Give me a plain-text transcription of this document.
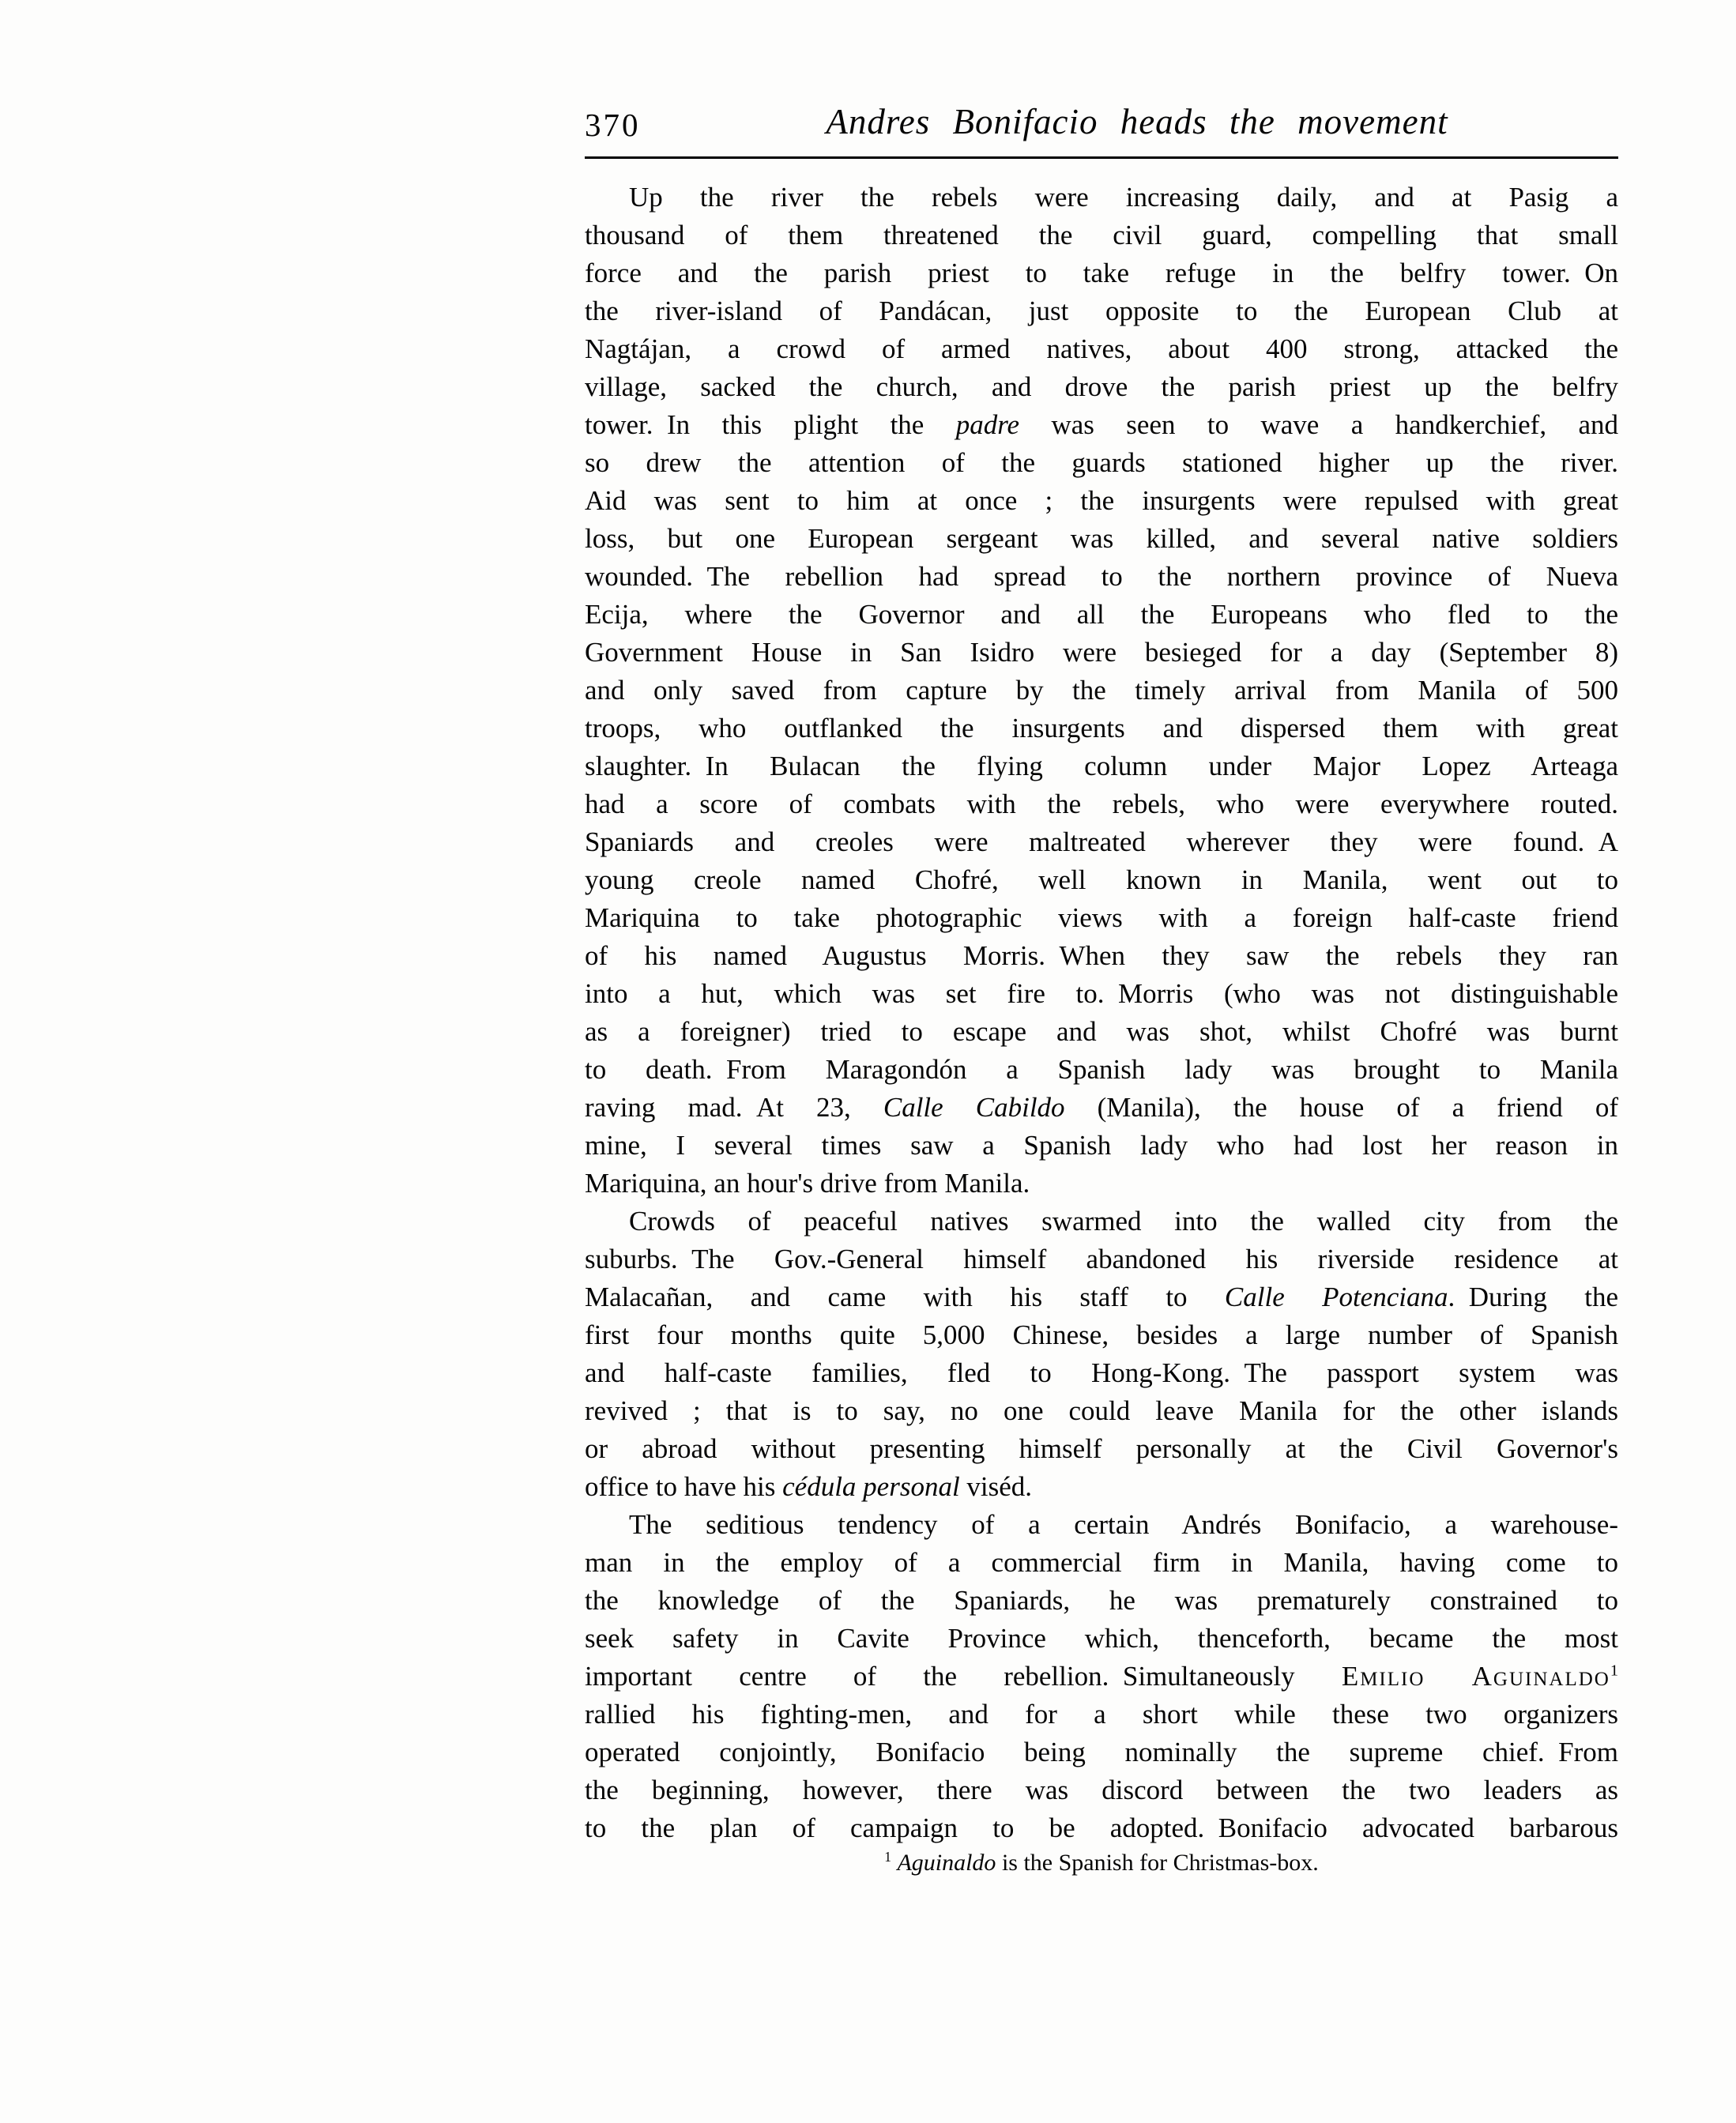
370	Andres Bonifacio heads the movement
Up the river the rebels were increasing daily, and at Pasig a
thousand of them threatened the civil guard, compelling that small
force and the parish priest to take refuge in the belfry tower. On
the river-island of Pandácan, just opposite to the European Club at
Nagtájan, a crowd of armed natives, about 400 strong, attacked the
village, sacked the church, and drove the parish priest up the belfry
tower. In this plight the padre was seen to wave a handkerchief, and
so drew the attention of the guards stationed higher up the river.
Aid was sent to him at once ; the insurgents were repulsed with great
loss, but one European sergeant was killed, and several native soldiers
wounded. The rebellion had spread to the northern province of Nueva
Ecija, where the Governor and all the Europeans who fled to the
Government House in San Isidro were besieged for a day (September 8)
and only saved from capture by the timely arrival from Manila of 500
troops, who outflanked the insurgents and dispersed them with great
slaughter. In Bulacan the flying column under Major Lopez Arteaga
had a score of combats with the rebels, who were everywhere routed.
Spaniards and creoles were maltreated wherever they were found. A
young creole named Chofré, well known in Manila, went out to
Mariquina to take photographic views with a foreign half-caste friend
of his named Augustus Morris. When they saw the rebels they ran
into a hut, which was set fire to. Morris (who was not distinguishable
as a foreigner) tried to escape and was shot, whilst Chofré was burnt
to death. From Maragondón a Spanish lady was brought to Manila
raving mad. At 23, Calle Cabildo (Manila), the house of a friend of
mine, I several times saw a Spanish lady who had lost her reason in
Mariquina, an hour's drive from Manila.
Crowds of peaceful natives swarmed into the walled city from the
suburbs. The Gov.-General himself abandoned his riverside residence at
Malacañan, and came with his staff to Calle Potenciana. During the
first four months quite 5,000 Chinese, besides a large number of Spanish
and half-caste families, fled to Hong-Kong. The passport system was
revived ; that is to say, no one could leave Manila for the other islands
or abroad without presenting himself personally at the Civil Governor's
office to have his cédula personal viséd.
The seditious tendency of a certain Andrés Bonifacio, a warehouse-
man in the employ of a commercial firm in Manila, having come to
the knowledge of the Spaniards, he was prematurely constrained to
seek safety in Cavite Province which, thenceforth, became the most
important centre of the rebellion. Simultaneously Emilio Aguinaldo$^1$
rallied his fighting-men, and for a short while these two organizers
operated conjointly, Bonifacio being nominally the supreme chief. From
the beginning, however, there was discord between the two leaders as
to the plan of campaign to be adopted. Bonifacio advocated barbarous
$^1$ Aguinaldo is the Spanish for Christmas-box.
